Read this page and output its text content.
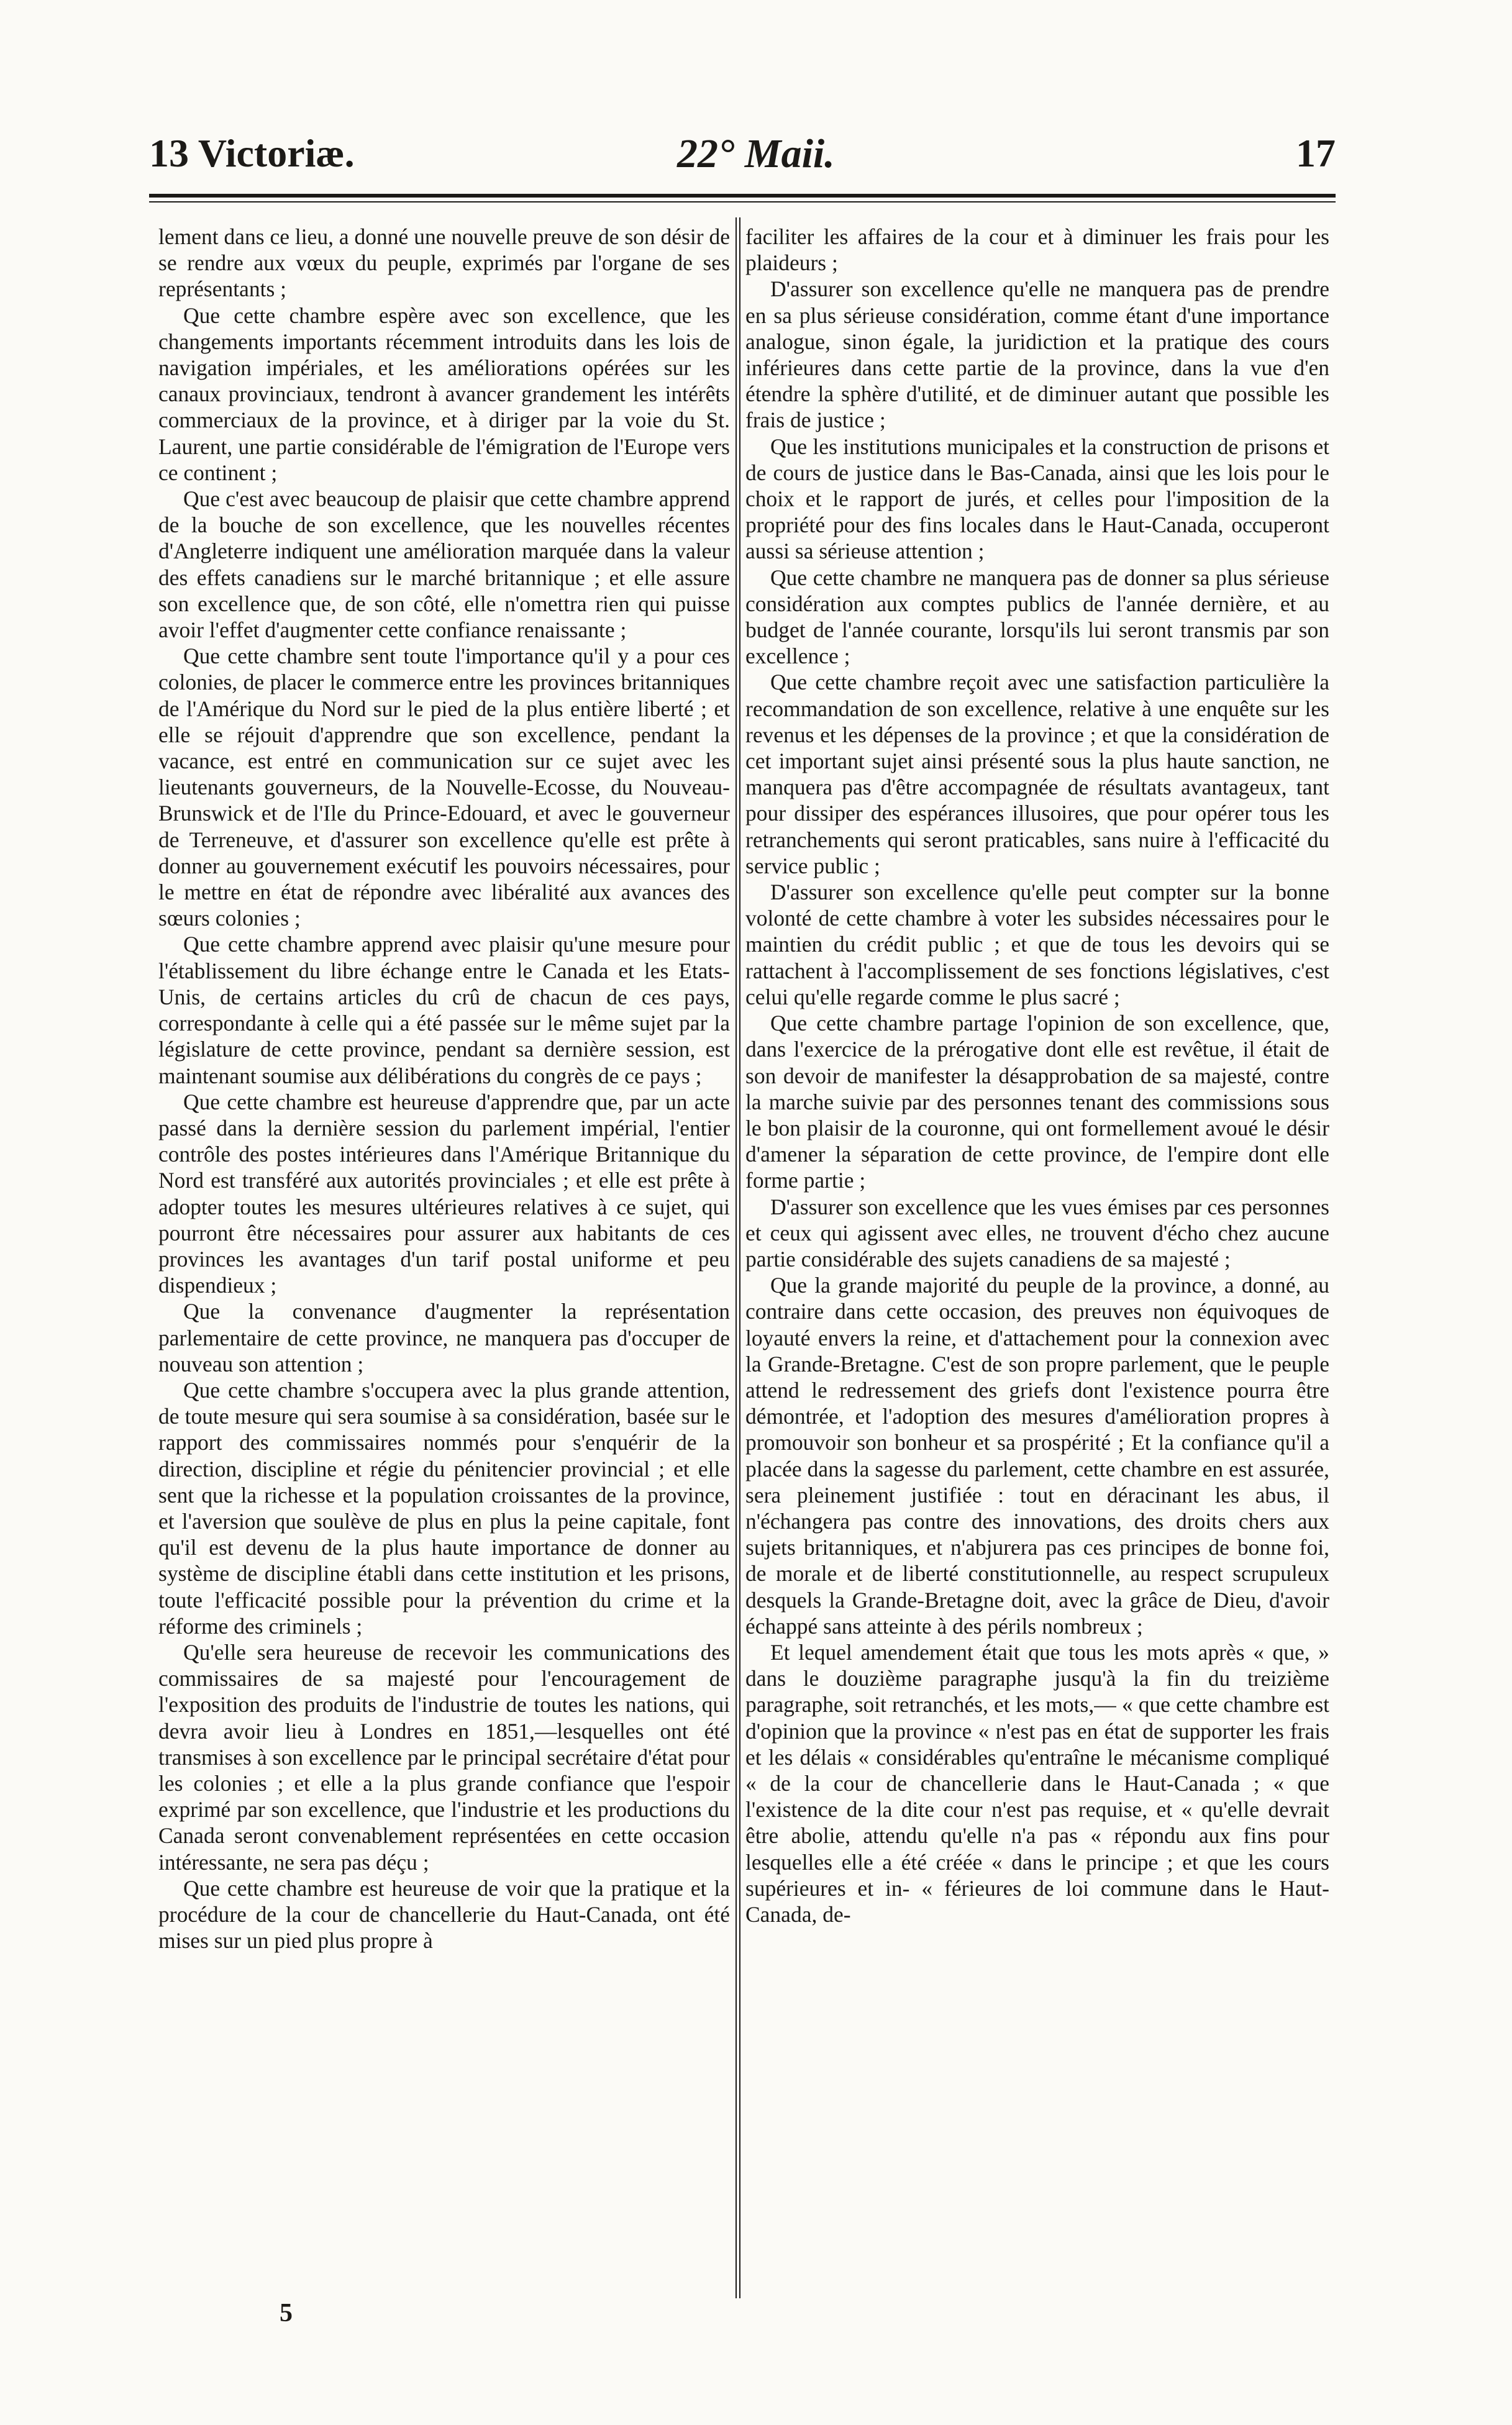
13 Victoriæ.	22° Maii.	17

lement dans ce lieu, a donné une nouvelle preuve de son désir de se rendre aux vœux du peuple, exprimés par l'organe de ses représentants ;

Que cette chambre espère avec son excellence, que les changements importants récemment introduits dans les lois de navigation impériales, et les améliorations opérées sur les canaux provinciaux, tendront à avancer grandement les intérêts commerciaux de la province, et à diriger par la voie du St. Laurent, une partie considérable de l'émigration de l'Europe vers ce continent ;

Que c'est avec beaucoup de plaisir que cette chambre apprend de la bouche de son excellence, que les nouvelles récentes d'Angleterre indiquent une amélioration marquée dans la valeur des effets canadiens sur le marché britannique ; et elle assure son excellence que, de son côté, elle n'omettra rien qui puisse avoir l'effet d'augmenter cette confiance renaissante ;

Que cette chambre sent toute l'importance qu'il y a pour ces colonies, de placer le commerce entre les provinces britanniques de l'Amérique du Nord sur le pied de la plus entière liberté ; et elle se réjouit d'apprendre que son excellence, pendant la vacance, est entré en communication sur ce sujet avec les lieutenants gouverneurs, de la Nouvelle-Ecosse, du Nouveau-Brunswick et de l'Ile du Prince-Edouard, et avec le gouverneur de Terreneuve, et d'assurer son excellence qu'elle est prête à donner au gouvernement exécutif les pouvoirs nécessaires, pour le mettre en état de répondre avec libéralité aux avances des sœurs colonies ;

Que cette chambre apprend avec plaisir qu'une mesure pour l'établissement du libre échange entre le Canada et les Etats-Unis, de certains articles du crû de chacun de ces pays, correspondante à celle qui a été passée sur le même sujet par la législature de cette province, pendant sa dernière session, est maintenant soumise aux délibérations du congrès de ce pays ;

Que cette chambre est heureuse d'apprendre que, par un acte passé dans la dernière session du parlement impérial, l'entier contrôle des postes intérieures dans l'Amérique Britannique du Nord est transféré aux autorités provinciales ; et elle est prête à adopter toutes les mesures ultérieures relatives à ce sujet, qui pourront être nécessaires pour assurer aux habitants de ces provinces les avantages d'un tarif postal uniforme et peu dispendieux ;

Que la convenance d'augmenter la représentation parlementaire de cette province, ne manquera pas d'occuper de nouveau son attention ;

Que cette chambre s'occupera avec la plus grande attention, de toute mesure qui sera soumise à sa considération, basée sur le rapport des commissaires nommés pour s'enquérir de la direction, discipline et régie du pénitencier provincial ; et elle sent que la richesse et la population croissantes de la province, et l'aversion que soulève de plus en plus la peine capitale, font qu'il est devenu de la plus haute importance de donner au système de discipline établi dans cette institution et les prisons, toute l'efficacité possible pour la prévention du crime et la réforme des criminels ;

Qu'elle sera heureuse de recevoir les communications des commissaires de sa majesté pour l'encouragement de l'exposition des produits de l'industrie de toutes les nations, qui devra avoir lieu à Londres en 1851,—lesquelles ont été transmises à son excellence par le principal secrétaire d'état pour les colonies ; et elle a la plus grande confiance que l'espoir exprimé par son excellence, que l'industrie et les productions du Canada seront convenablement représentées en cette occasion intéressante, ne sera pas déçu ;

Que cette chambre est heureuse de voir que la pratique et la procédure de la cour de chancellerie du Haut-Canada, ont été mises sur un pied plus propre à

faciliter les affaires de la cour et à diminuer les frais pour les plaideurs ;

D'assurer son excellence qu'elle ne manquera pas de prendre en sa plus sérieuse considération, comme étant d'une importance analogue, sinon égale, la juridiction et la pratique des cours inférieures dans cette partie de la province, dans la vue d'en étendre la sphère d'utilité, et de diminuer autant que possible les frais de justice ;

Que les institutions municipales et la construction de prisons et de cours de justice dans le Bas-Canada, ainsi que les lois pour le choix et le rapport de jurés, et celles pour l'imposition de la propriété pour des fins locales dans le Haut-Canada, occuperont aussi sa sérieuse attention ;

Que cette chambre ne manquera pas de donner sa plus sérieuse considération aux comptes publics de l'année dernière, et au budget de l'année courante, lorsqu'ils lui seront transmis par son excellence ;

Que cette chambre reçoit avec une satisfaction particulière la recommandation de son excellence, relative à une enquête sur les revenus et les dépenses de la province ; et que la considération de cet important sujet ainsi présenté sous la plus haute sanction, ne manquera pas d'être accompagnée de résultats avantageux, tant pour dissiper des espérances illusoires, que pour opérer tous les retranchements qui seront praticables, sans nuire à l'efficacité du service public ;

D'assurer son excellence qu'elle peut compter sur la bonne volonté de cette chambre à voter les subsides nécessaires pour le maintien du crédit public ; et que de tous les devoirs qui se rattachent à l'accomplissement de ses fonctions législatives, c'est celui qu'elle regarde comme le plus sacré ;

Que cette chambre partage l'opinion de son excellence, que, dans l'exercice de la prérogative dont elle est revêtue, il était de son devoir de manifester la désapprobation de sa majesté, contre la marche suivie par des personnes tenant des commissions sous le bon plaisir de la couronne, qui ont formellement avoué le désir d'amener la séparation de cette province, de l'empire dont elle forme partie ;

D'assurer son excellence que les vues émises par ces personnes et ceux qui agissent avec elles, ne trouvent d'écho chez aucune partie considérable des sujets canadiens de sa majesté ;

Que la grande majorité du peuple de la province, a donné, au contraire dans cette occasion, des preuves non équivoques de loyauté envers la reine, et d'attachement pour la connexion avec la Grande-Bretagne. C'est de son propre parlement, que le peuple attend le redressement des griefs dont l'existence pourra être démontrée, et l'adoption des mesures d'amélioration propres à promouvoir son bonheur et sa prospérité ; Et la confiance qu'il a placée dans la sagesse du parlement, cette chambre en est assurée, sera pleinement justifiée : tout en déracinant les abus, il n'échangera pas contre des innovations, des droits chers aux sujets britanniques, et n'abjurera pas ces principes de bonne foi, de morale et de liberté constitutionnelle, au respect scrupuleux desquels la Grande-Bretagne doit, avec la grâce de Dieu, d'avoir échappé sans atteinte à des périls nombreux ;

Et lequel amendement était que tous les mots après « que, » dans le douzième paragraphe jusqu'à la fin du treizième paragraphe, soit retranchés, et les mots,— « que cette chambre est d'opinion que la province « n'est pas en état de supporter les frais et les délais « considérables qu'entraîne le mécanisme compliqué « de la cour de chancellerie dans le Haut-Canada ; « que l'existence de la dite cour n'est pas requise, et « qu'elle devrait être abolie, attendu qu'elle n'a pas « répondu aux fins pour lesquelles elle a été créée « dans le principe ; et que les cours supérieures et in- « férieures de loi commune dans le Haut-Canada, de-

5
